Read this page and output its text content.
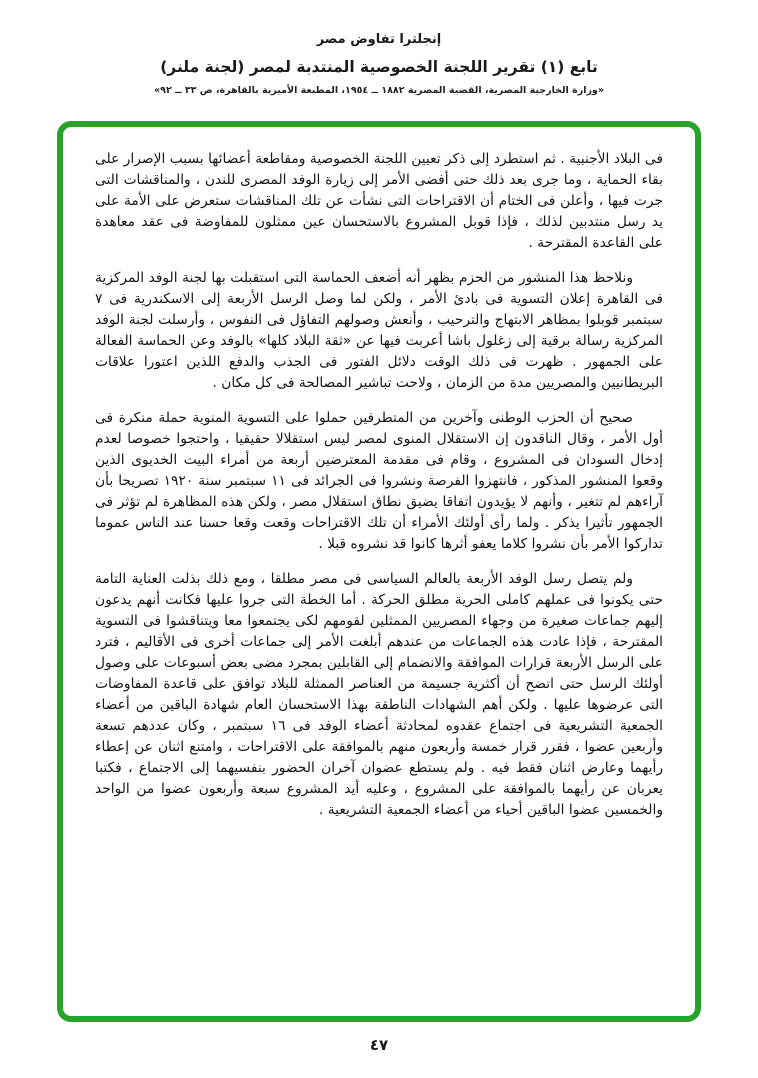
إنجلترا تفاوض مصر
تابع (١) تقرير اللجنة الخصوصية المنتدبة لمصر (لجنة ملنر)
«وزارة الخارجية المصرية، القضية المصرية ١٨٨٢ ــ ١٩٥٤، المطبعة الأميرية بالقاهرة، ص ٣٣ ــ ٩٢»

فى البلاد الأجنبية . ثم استطرد إلى ذكر تعيين اللجنة الخصوصية ومقاطعة أعضائها بسبب الإصرار على بقاء الحماية ، وما جرى بعد ذلك حتى أفضى الأمر إلى زيارة الوفد المصرى للندن ، والمناقشات التى جرت فيها ، وأعلن فى الختام أن الاقتراحات التى نشأت عن تلك المناقشات ستعرض على الأمة على يد رسل منتدبين لذلك ، فإذا قوبل المشروع بالاستحسان عين ممثلون للمفاوضة فى عقد معاهدة على القاعدة المقترحة .

ونلاحظ هذا المنشور من الحزم بظهر أنه أضعف الحماسة التى استقبلت بها لجنة الوفد المركزية فى القاهرة إعلان التسوية فى بادئ الأمر ، ولكن لما وصل الرسل الأربعة إلى الاسكندرية فى ٧ سبتمبر قوبلوا بمظاهر الابتهاج والترحيب ، وأنعش وصولهم التفاؤل فى النفوس ، وأرسلت لجنة الوفد المركزية رسالة برقية إلى زغلول باشا أعربت فيها عن «ثقة البلاد كلها» بالوفد وعن الحماسة الفعالة على الجمهور . ظهرت فى ذلك الوقت دلائل الفتور فى الجذب والدفع اللذين اعتورا علاقات البريطانيين والمصريين مدة من الزمان ، ولاحت تباشير المصالحة فى كل مكان .

صحيح أن الحزب الوطنى وآخرين من المتطرفين حملوا على التسوية المنوية حملة منكرة فى أول الأمر ، وقال الناقدون إن الاستقلال المنوى لمصر ليس استقلالا حقيقيا ، واحتجوا خصوصا لعدم إدخال السودان فى المشروع ، وقام فى مقدمة المعترضين أربعة من أمراء البيت الخديوى الذين وقعوا المنشور المذكور ، فانتهزوا الفرصة ونشروا فى الجرائد فى ١١ سبتمبر سنة ١٩٢٠ تصريحا بأن آراءهم لم تتغير ، وأنهم لا يؤيدون اتفاقا يضيق نطاق استقلال مصر ، ولكن هذه المظاهرة لم تؤثر فى الجمهور تأثيرا يذكر . ولما رأى أولئك الأمراء أن تلك الاقتراحات وقعت وقعا حسنا عند الناس عموما تداركوا الأمر بأن نشروا كلاما يعفو أثرها كانوا قد نشروه قبلا .

ولم يتصل رسل الوفد الأربعة بالعالم السياسى فى مصر مطلقا ، ومع ذلك بذلت العناية التامة حتى يكونوا فى عملهم كاملى الحرية مطلق الحركة . أما الخطة التى جروا عليها فكانت أنهم يدعون إليهم جماعات صغيرة من وجهاء المصريين الممثلين لقومهم لكى يجتمعوا معا ويتناقشوا فى التسوية المقترحة ، فإذا عادت هذه الجماعات من عندهم أبلغت الأمر إلى جماعات أخرى فى الأقاليم ، فترد على الرسل الأربعة قرارات الموافقة والانضمام إلى القابلين بمجرد مضى بعض أسبوعات على وصول أولئك الرسل حتى اتضح أن أكثرية جسيمة من العناصر الممثلة للبلاد توافق على قاعدة المفاوضات التى عرضوها عليها . ولكن أهم الشهادات الناطقة بهذا الاستحسان العام شهادة الباقين من أعضاء الجمعية التشريعية فى اجتماع عقدوه لمحادثة أعضاء الوفد فى ١٦ سبتمبر ، وكان عددهم تسعة وأربعين عضوا ، فقرر قرار خمسة وأربعون منهم بالموافقة على الاقتراحات ، وامتنع اثنان عن إعطاء رأيهما وعارض اثنان فقط فيه . ولم يستطع عضوان آخران الحضور بنفسيهما إلى الاجتماع ، فكتبا يعربان عن رأيهما بالموافقة على المشروع ، وعليه أيد المشروع سبعة وأربعون عضوا من الواحد والخمسين عضوا الباقين أحياء من أعضاء الجمعية التشريعية .

٤٧
